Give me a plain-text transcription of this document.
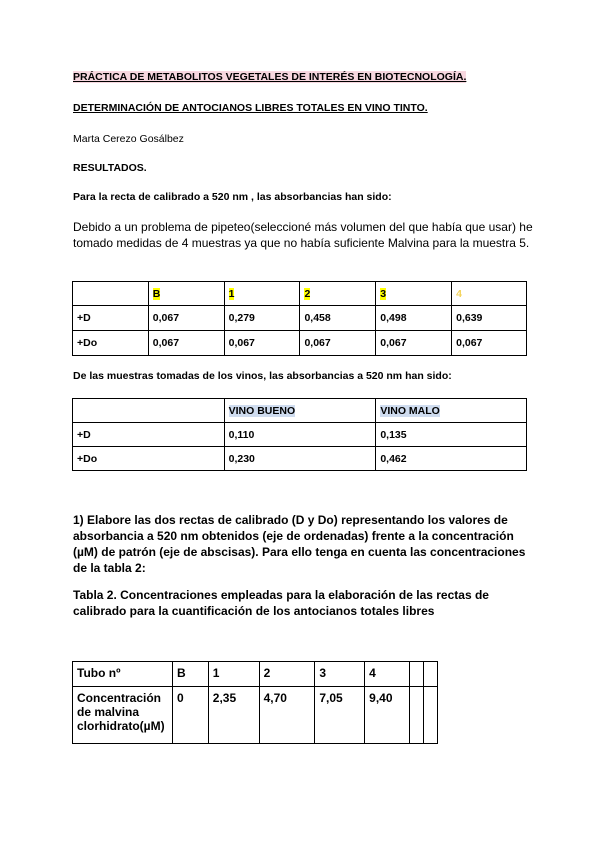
PRÁCTICA DE METABOLITOS VEGETALES DE INTERÉS EN BIOTECNOLOGÍA.
DETERMINACIÓN DE ANTOCIANOS LIBRES TOTALES EN VINO TINTO.
Marta Cerezo Gosálbez
RESULTADOS.
Para la recta de calibrado a 520 nm , las absorbancias han sido:
Debido a un problema de pipeteo(seleccioné más volumen del que había que usar) he tomado medidas de 4 muestras ya que no había suficiente Malvina para la muestra 5.
	B	1	2	3	4
+D	0,067	0,279	0,458	0,498	0,639
+Do	0,067	0,067	0,067	0,067	0,067
De las muestras tomadas de los vinos, las absorbancias a 520 nm han sido:
	VINO BUENO	VINO MALO
+D	0,110	0,135
+Do	0,230	0,462
1) Elabore las dos rectas de calibrado (D y Do) representando los valores de absorbancia a 520 nm obtenidos (eje de ordenadas) frente a la concentración (µM) de patrón (eje de abscisas). Para ello tenga en cuenta las concentraciones de la tabla 2:
Tabla 2. Concentraciones empleadas para la elaboración de las rectas de calibrado para la cuantificación de los antocianos totales libres
Tubo nº	B	1	2	3	4		
Concentración de malvina clorhidrato(µM)	0	2,35	4,70	7,05	9,40		
